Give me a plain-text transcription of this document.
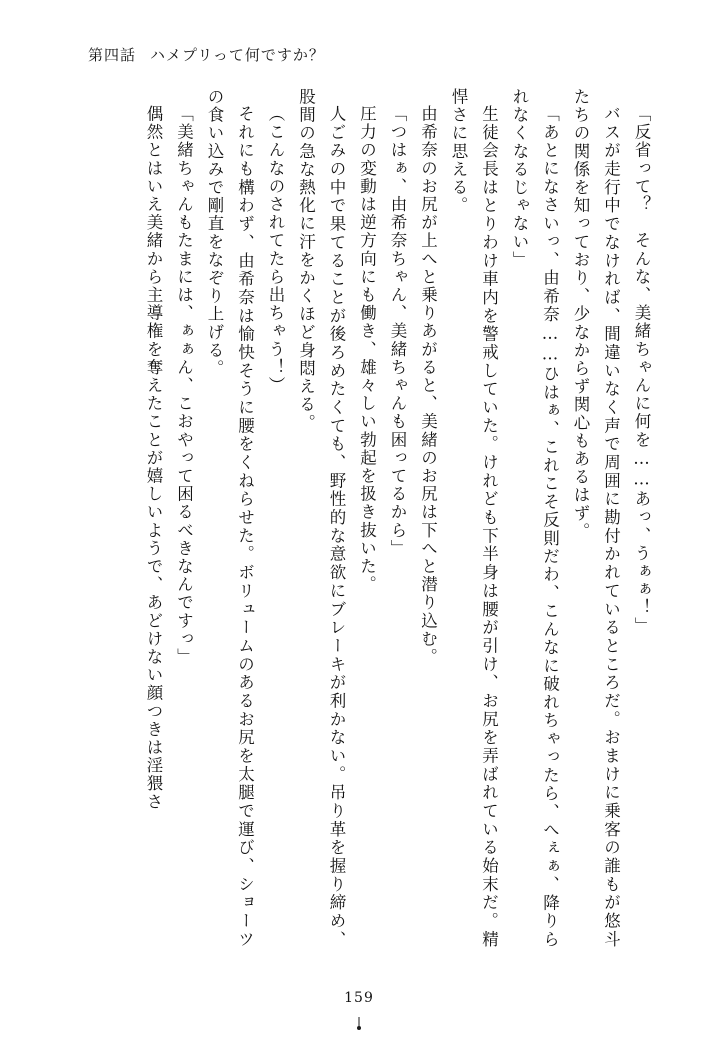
第四話 ハメプリって何ですか？

「反省って？　そんな、美緒ちゃんに何を……あっ、うぁぁ！」

バスが走行中でなければ、間違いなく声で周囲に勘付かれているところだ。おまけに乗客の誰もが悠斗たちの関係を知っており、少なからず関心もあるはず。

「あとになさいっ、由希奈……ひはぁ、これこそ反則だわ、こんなに破れちゃったら、へぇぁ、降りられなくなるじゃない」

生徒会長はとりわけ車内を警戒していた。けれども下半身は腰が引け、お尻を弄ばれている始末だ。精悍さに思える。

由希奈のお尻が上へと乗りあがると、美緒のお尻は下へと潜り込む。

「つはぁ、由希奈ちゃん、美緒ちゃんも困ってるから」

圧力の変動は逆方向にも働き、雄々しい勃起を扱き抜いた。

人ごみの中で果てることが後ろめたくても、野性的な意欲にブレーキが利かない。吊り革を握り締め、股間の急な熱化に汗をかくほど身悶える。

（こんなのされてたら出ちゃう！）

それにも構わず、由希奈は愉快そうに腰をくねらせた。ボリュームのあるお尻を太腿で運び、ショーツの食い込みで剛直をなぞり上げる。

「美緒ちゃんもたまには、ぁぁん、こおやって困るべきなんですっ」

偶然とはいえ美緒から主導権を奪えたことが嬉しいようで、あどけない顔つきは淫猥さ

159
